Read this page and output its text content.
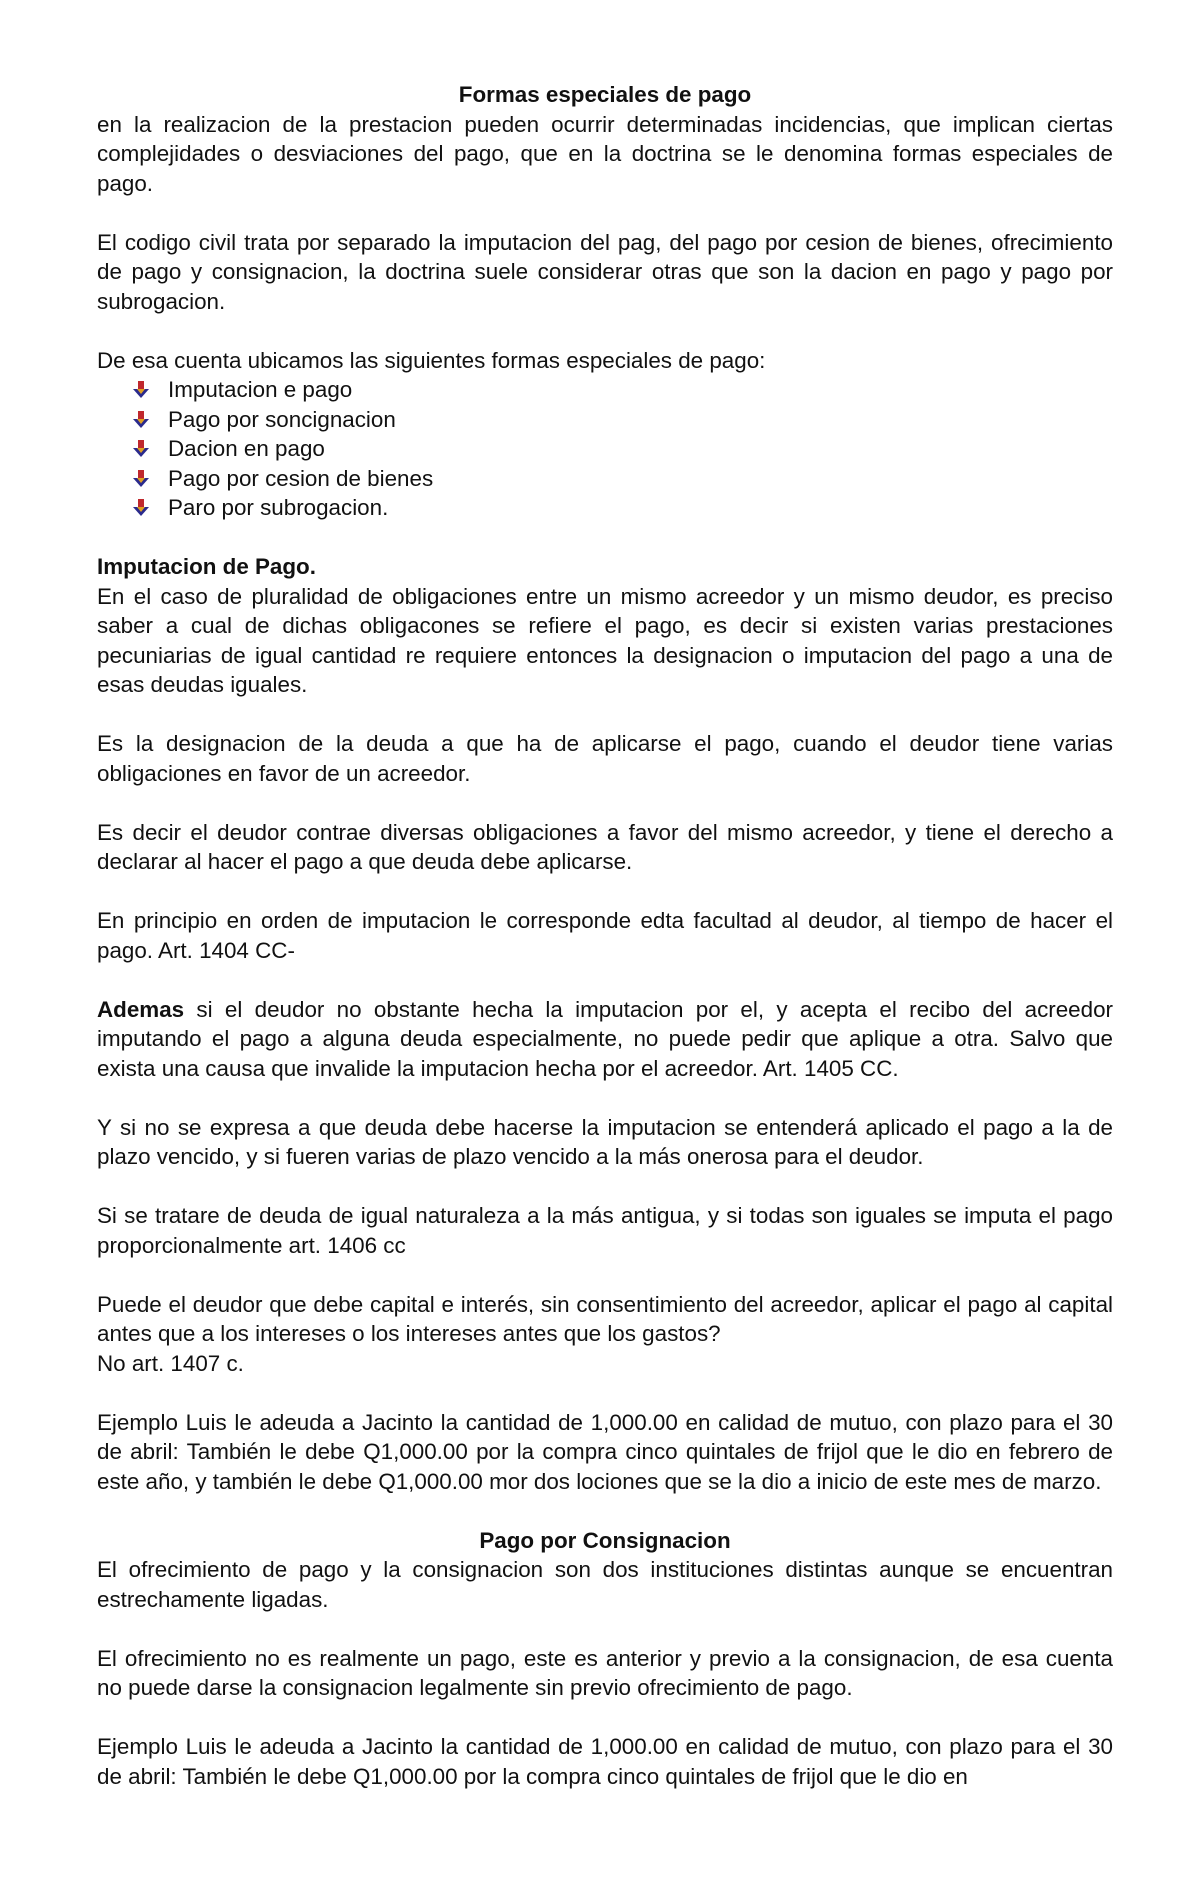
Formas especiales de pago

en la realizacion de la prestacion pueden ocurrir determinadas incidencias, que implican ciertas complejidades o desviaciones del pago, que en la doctrina se le denomina formas especiales de pago.

El codigo civil trata por separado la imputacion del pag, del pago por cesion de bienes, ofrecimiento de pago y consignacion, la doctrina suele considerar otras que son la dacion en pago y pago por subrogacion.

De esa cuenta ubicamos las siguientes formas especiales de pago:

Imputacion e pago
Pago por soncignacion
Dacion en pago
Pago por cesion de bienes
Paro por subrogacion.

Imputacion de Pago.

En el caso de pluralidad de obligaciones entre un mismo acreedor y un mismo deudor, es preciso saber a cual de dichas obligacones se refiere el pago, es decir si existen varias prestaciones pecuniarias de igual cantidad re requiere entonces la designacion o imputacion del pago a una de esas deudas iguales.

Es la designacion de la deuda a que ha de aplicarse el pago, cuando el deudor tiene varias obligaciones en favor de un acreedor.

Es decir el deudor contrae diversas obligaciones a favor del mismo acreedor, y tiene el derecho a declarar al hacer el pago a que deuda debe aplicarse.

En principio en orden de imputacion le corresponde edta facultad al deudor, al tiempo de hacer el pago. Art. 1404 CC-

Ademas si el deudor no obstante hecha la imputacion por el, y acepta el recibo del acreedor imputando el pago a alguna deuda especialmente, no puede pedir que aplique a otra. Salvo que exista una causa que invalide la imputacion hecha por el acreedor. Art. 1405 CC.

Y si no se expresa a que deuda debe hacerse la imputacion se entenderá aplicado el pago a la de plazo vencido, y si fueren varias de plazo vencido a la más onerosa para el deudor.

Si se tratare de deuda de igual naturaleza a la más antigua, y si todas son iguales se imputa el pago proporcionalmente art. 1406 cc

Puede el deudor que debe capital e interés, sin consentimiento del acreedor, aplicar el pago al capital antes que a los intereses o los intereses antes que los gastos?

No art. 1407 c.

Ejemplo Luis le adeuda a Jacinto la cantidad de 1,000.00 en calidad de mutuo, con plazo para el 30 de abril: También le debe Q1,000.00 por la compra cinco quintales de frijol que le dio en febrero de este año, y también le debe Q1,000.00 mor dos lociones que se la dio a inicio de este mes de marzo.

Pago por Consignacion

El ofrecimiento de pago y la consignacion son dos instituciones distintas aunque se encuentran estrechamente ligadas.

El ofrecimiento no es realmente un pago, este es anterior y previo a la consignacion, de esa cuenta no puede darse la consignacion legalmente sin previo ofrecimiento de pago.

Ejemplo Luis le adeuda a Jacinto la cantidad de 1,000.00 en calidad de mutuo, con plazo para el 30 de abril: También le debe Q1,000.00 por la compra cinco quintales de frijol que le dio en
